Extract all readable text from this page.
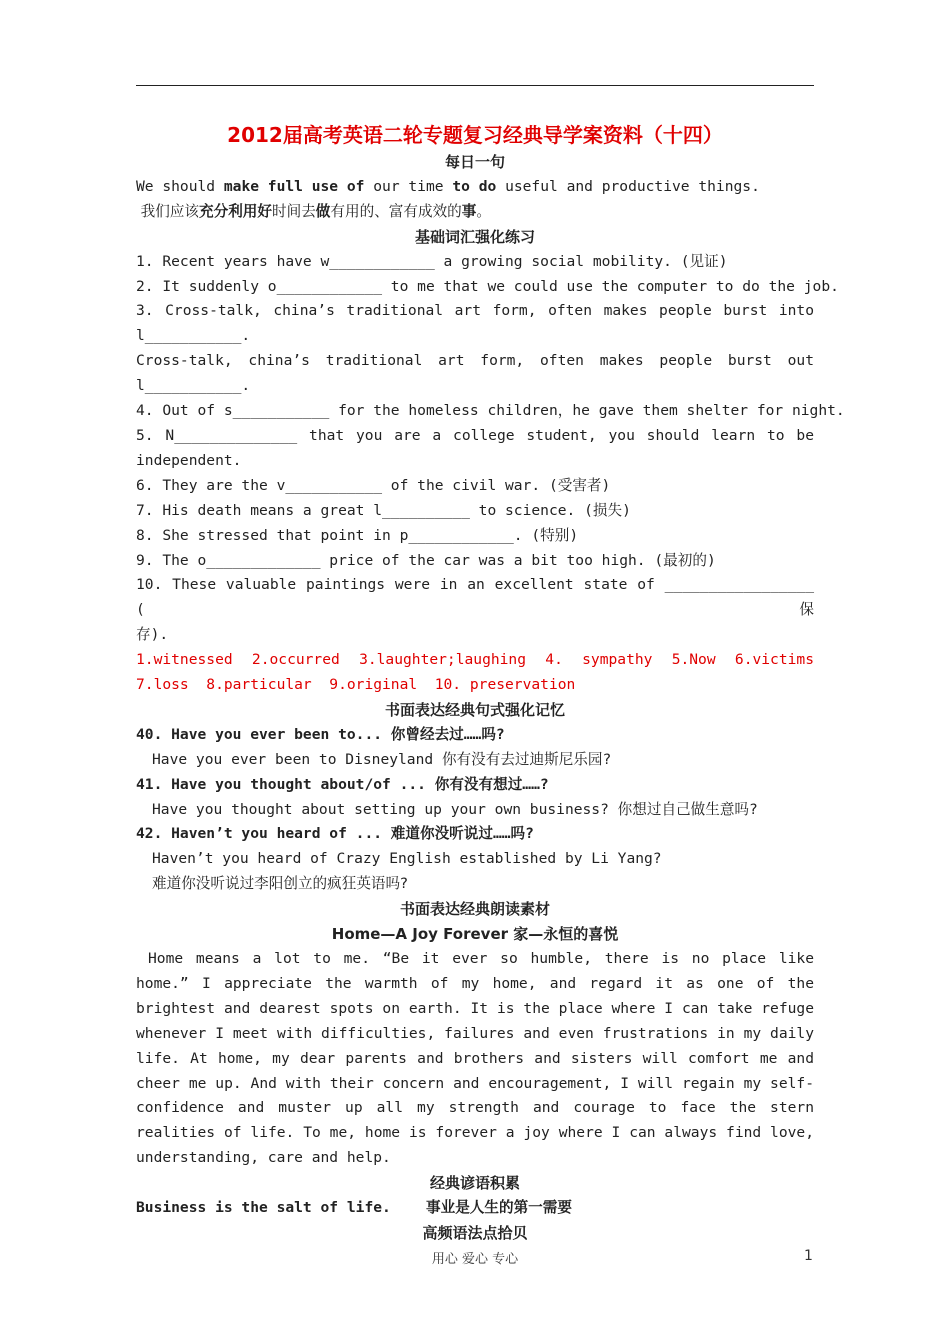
2012届高考英语二轮专题复习经典导学案资料（十四）
每日一句
We should make full use of our time to do useful and productive things.
我们应该充分利用好时间去做有用的、富有成效的事。
基础词汇强化练习
1. Recent years have w____________ a growing social mobility. (见证)
2. It suddenly o____________ to me that we could use the computer to do the job.
3. Cross-talk, china’s traditional art form, often makes people burst into
l___________.
Cross-talk, china’s traditional art form, often makes people burst out
l___________.
4. Out of s___________ for the homeless children，he gave them shelter for night.
5. N______________ that you are a college student, you should learn to be
independent.
6. They are the v___________ of the civil war. (受害者)
7. His death means a great l__________ to science. (损失)
8. She stressed that point in p____________. (特别)
9. The o_____________ price of the car was a bit too high. (最初的)
10. These valuable paintings were in an excellent state of _________________ (保
存).
1.witnessed 2.occurred 3.laughter;laughing 4. sympathy 5.Now 6.victims
7.loss  8.particular  9.original  10. preservation
书面表达经典句式强化记忆
40. Have you ever been to... 你曾经去过……吗?
Have you ever been to Disneyland 你有没有去过迪斯尼乐园?
41. Have you thought about/of ... 你有没有想过……?
Have you thought about setting up your own business? 你想过自己做生意吗?
42. Haven’t you heard of ... 难道你没听说过……吗?
Haven’t you heard of Crazy English established by Li Yang?
难道你没听说过李阳创立的疯狂英语吗?
书面表达经典朗读素材
Home—A Joy Forever 家—永恒的喜悦
Home means a lot to me. “Be it ever so humble, there is no place like home.” I appreciate the warmth of my home, and regard it as one of the brightest and dearest spots on earth. It is the place where I can take refuge whenever I meet with difficulties, failures and even frustrations in my daily life. At home, my dear parents and brothers and sisters will comfort me and cheer me up. And with their concern and encouragement, I will regain my self-confidence and muster up all my strength and courage to face the stern realities of life. To me, home is forever a joy where I can always find love, understanding, care and help.
经典谚语积累
Business is the salt of life.	事业是人生的第一需要
高频语法点拾贝
用心 爱心 专心	1
